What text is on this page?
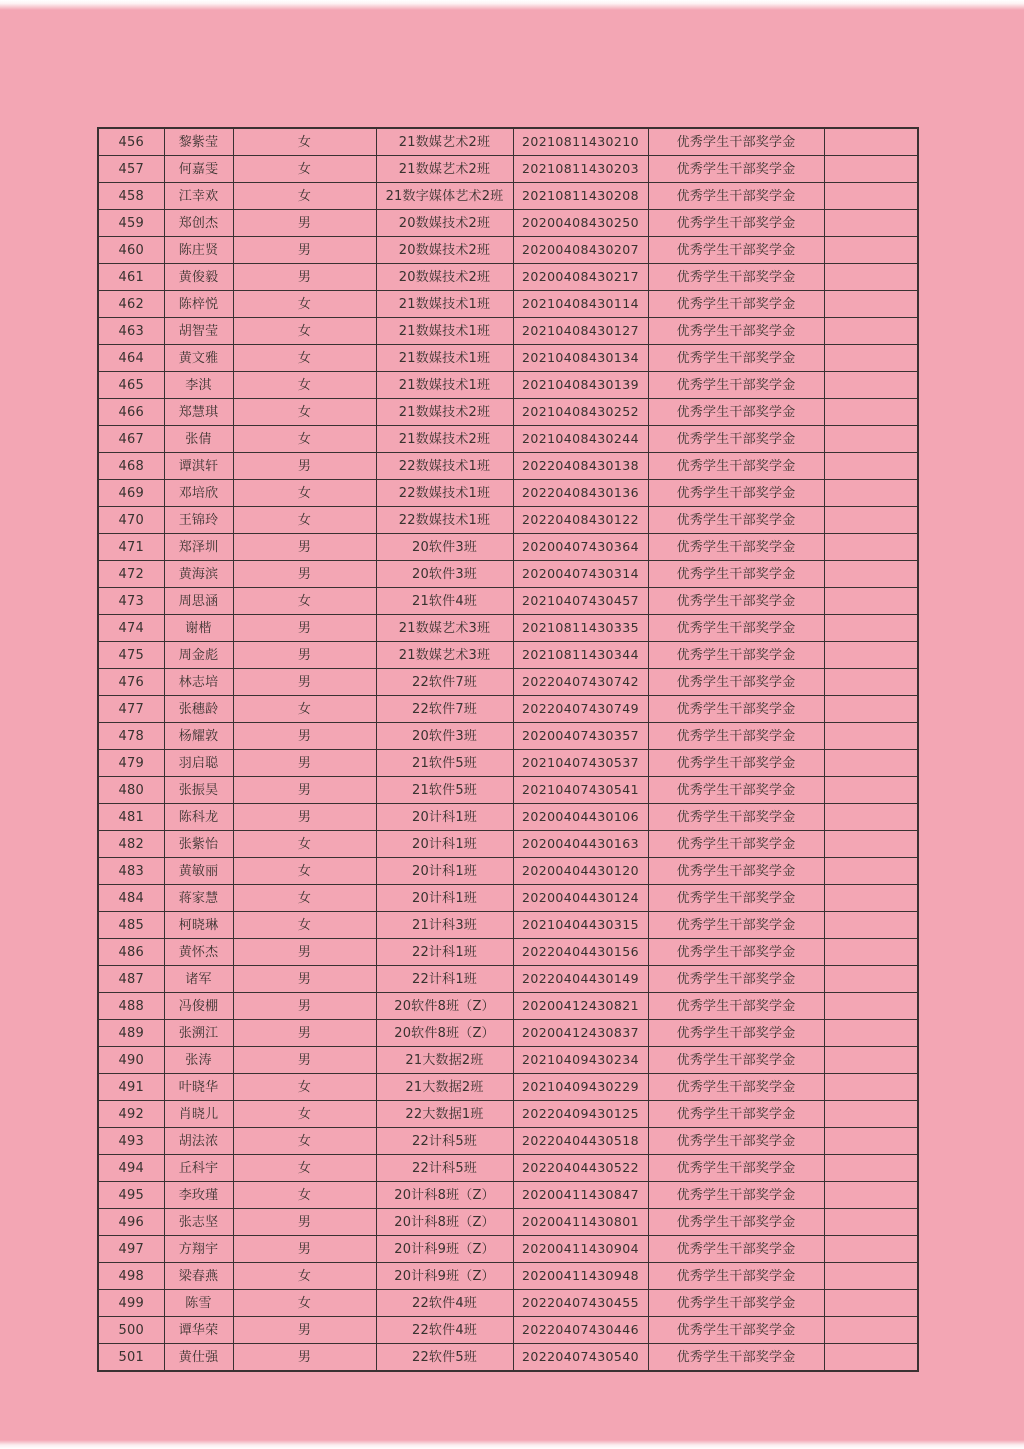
456	黎紫莹	女	21数媒艺术2班	20210811430210	优秀学生干部奖学金	
457	何嘉雯	女	21数媒艺术2班	20210811430203	优秀学生干部奖学金	
458	江幸欢	女	21数字媒体艺术2班	20210811430208	优秀学生干部奖学金	
459	郑创杰	男	20数媒技术2班	20200408430250	优秀学生干部奖学金	
460	陈庄贤	男	20数媒技术2班	20200408430207	优秀学生干部奖学金	
461	黄俊毅	男	20数媒技术2班	20200408430217	优秀学生干部奖学金	
462	陈梓悦	女	21数媒技术1班	20210408430114	优秀学生干部奖学金	
463	胡智莹	女	21数媒技术1班	20210408430127	优秀学生干部奖学金	
464	黄文雅	女	21数媒技术1班	20210408430134	优秀学生干部奖学金	
465	李淇	女	21数媒技术1班	20210408430139	优秀学生干部奖学金	
466	郑慧琪	女	21数媒技术2班	20210408430252	优秀学生干部奖学金	
467	张倩	女	21数媒技术2班	20210408430244	优秀学生干部奖学金	
468	谭淇轩	男	22数媒技术1班	20220408430138	优秀学生干部奖学金	
469	邓培欣	女	22数媒技术1班	20220408430136	优秀学生干部奖学金	
470	王锦玲	女	22数媒技术1班	20220408430122	优秀学生干部奖学金	
471	郑泽圳	男	20软件3班	20200407430364	优秀学生干部奖学金	
472	黄海滨	男	20软件3班	20200407430314	优秀学生干部奖学金	
473	周思涵	女	21软件4班	20210407430457	优秀学生干部奖学金	
474	谢楷	男	21数媒艺术3班	20210811430335	优秀学生干部奖学金	
475	周金彪	男	21数媒艺术3班	20210811430344	优秀学生干部奖学金	
476	林志培	男	22软件7班	20220407430742	优秀学生干部奖学金	
477	张穗龄	女	22软件7班	20220407430749	优秀学生干部奖学金	
478	杨耀敦	男	20软件3班	20200407430357	优秀学生干部奖学金	
479	羽启聪	男	21软件5班	20210407430537	优秀学生干部奖学金	
480	张振昊	男	21软件5班	20210407430541	优秀学生干部奖学金	
481	陈科龙	男	20计科1班	20200404430106	优秀学生干部奖学金	
482	张紫怡	女	20计科1班	20200404430163	优秀学生干部奖学金	
483	黄敏丽	女	20计科1班	20200404430120	优秀学生干部奖学金	
484	蒋家慧	女	20计科1班	20200404430124	优秀学生干部奖学金	
485	柯晓琳	女	21计科3班	20210404430315	优秀学生干部奖学金	
486	黄怀杰	男	22计科1班	20220404430156	优秀学生干部奖学金	
487	诸军	男	22计科1班	20220404430149	优秀学生干部奖学金	
488	冯俊棚	男	20软件8班（Z）	20200412430821	优秀学生干部奖学金	
489	张溯江	男	20软件8班（Z）	20200412430837	优秀学生干部奖学金	
490	张涛	男	21大数据2班	20210409430234	优秀学生干部奖学金	
491	叶晓华	女	21大数据2班	20210409430229	优秀学生干部奖学金	
492	肖晓儿	女	22大数据1班	20220409430125	优秀学生干部奖学金	
493	胡法浓	女	22计科5班	20220404430518	优秀学生干部奖学金	
494	丘科宇	女	22计科5班	20220404430522	优秀学生干部奖学金	
495	李玫瑾	女	20计科8班（Z）	20200411430847	优秀学生干部奖学金	
496	张志坚	男	20计科8班（Z）	20200411430801	优秀学生干部奖学金	
497	方翔宇	男	20计科9班（Z）	20200411430904	优秀学生干部奖学金	
498	梁春燕	女	20计科9班（Z）	20200411430948	优秀学生干部奖学金	
499	陈雪	女	22软件4班	20220407430455	优秀学生干部奖学金	
500	谭华荣	男	22软件4班	20220407430446	优秀学生干部奖学金	
501	黄仕强	男	22软件5班	20220407430540	优秀学生干部奖学金	
